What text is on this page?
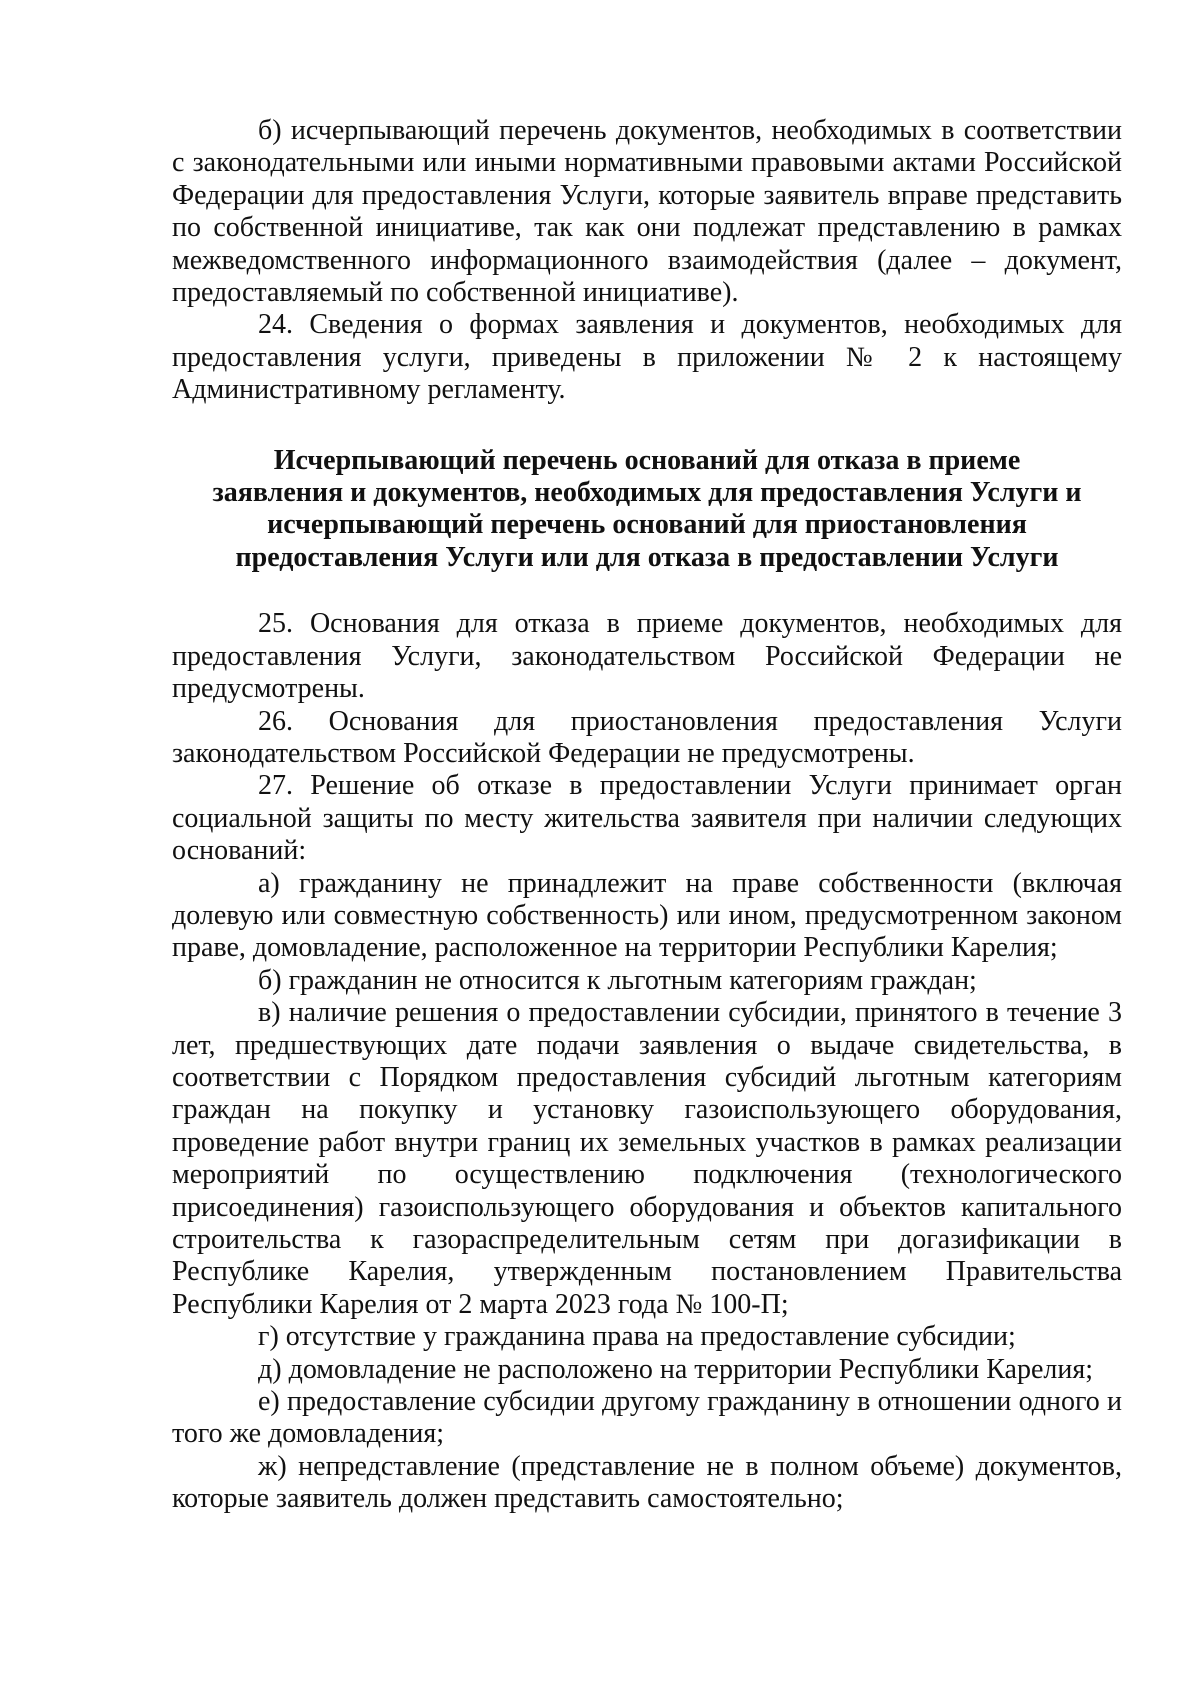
б) исчерпывающий перечень документов, необходимых в соответствии с законодательными или иными нормативными правовыми актами Российской Федерации для предоставления Услуги, которые заявитель вправе представить по собственной инициативе, так как они подлежат представлению в рамках межведомственного информационного взаимодействия (далее – документ, предоставляемый по собственной инициативе).

24. Сведения о формах заявления и документов, необходимых для предоставления услуги, приведены в приложении № 2 к настоящему Административному регламенту.

Исчерпывающий перечень оснований для отказа в приеме

заявления и документов, необходимых для предоставления Услуги и

исчерпывающий перечень оснований для приостановления

предоставления Услуги или для отказа в предоставлении Услуги

25. Основания для отказа в приеме документов, необходимых для предоставления Услуги, законодательством Российской Федерации не предусмотрены.

26. Основания для приостановления предоставления Услуги законодательством Российской Федерации не предусмотрены.

27. Решение об отказе в предоставлении Услуги принимает орган социальной защиты по месту жительства заявителя при наличии следующих оснований:

а) гражданину не принадлежит на праве собственности (включая долевую или совместную собственность) или ином, предусмотренном законом праве, домовладение, расположенное на территории Республики Карелия;

б) гражданин не относится к льготным категориям граждан;

в) наличие решения о предоставлении субсидии, принятого в течение 3 лет, предшествующих дате подачи заявления о выдаче свидетельства, в соответствии с Порядком предоставления субсидий льготным категориям граждан на покупку и установку газоиспользующего оборудования, проведение работ внутри границ их земельных участков в рамках реализации мероприятий по осуществлению подключения (технологического присоединения) газоиспользующего оборудования и объектов капитального строительства к газораспределительным сетям при догазификации в Республике Карелия, утвержденным постановлением Правительства Республики Карелия от 2 марта 2023 года № 100-П;

г) отсутствие у гражданина права на предоставление субсидии;

д) домовладение не расположено на территории Республики Карелия;

е) предоставление субсидии другому гражданину в отношении одного и того же домовладения;

ж) непредставление (представление не в полном объеме) документов, которые заявитель должен представить самостоятельно;
